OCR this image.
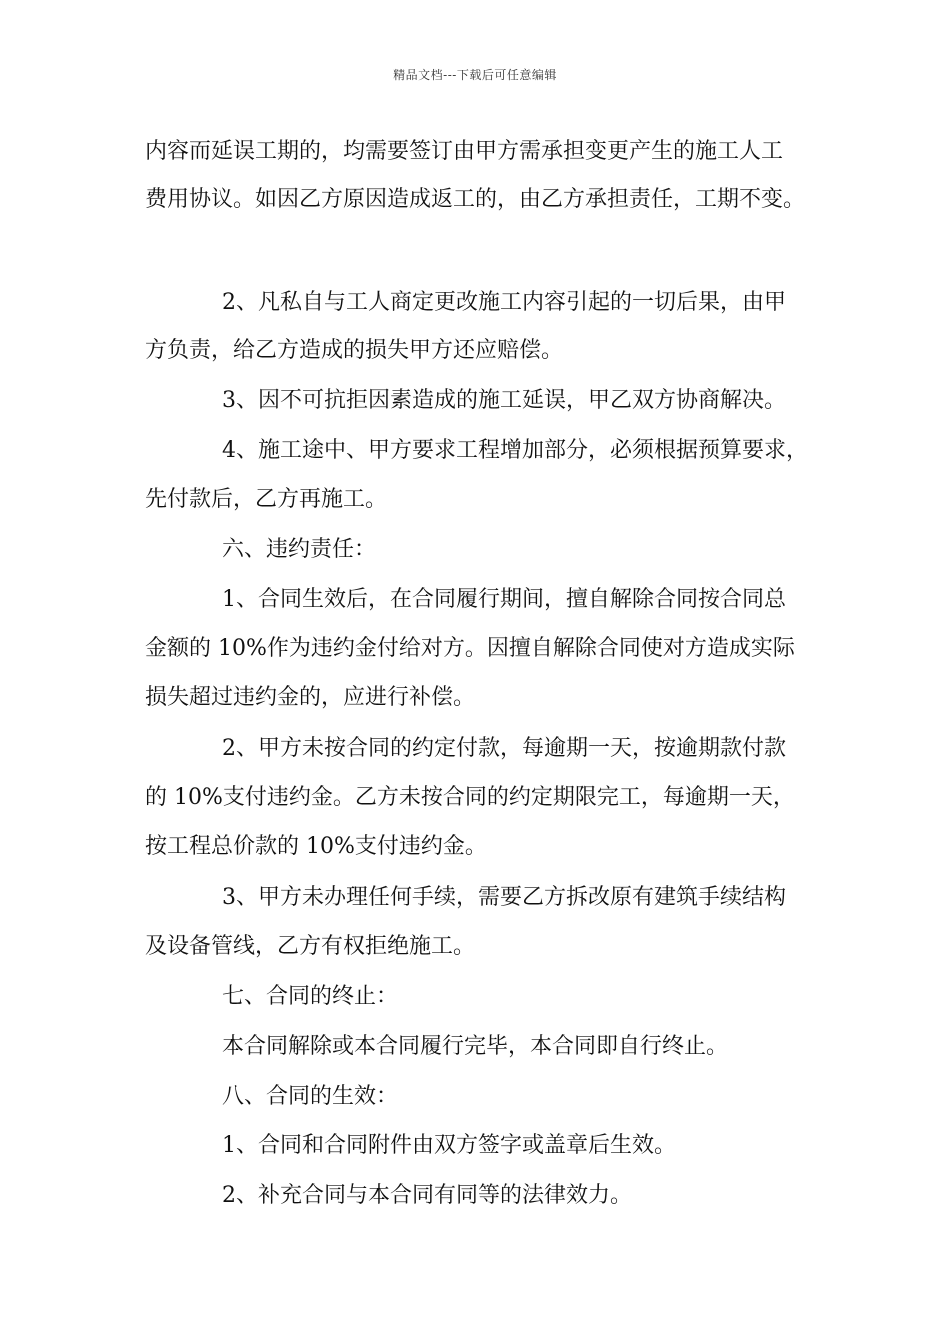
精品文档---下载后可任意编辑
内容而延误工期的，均需要签订由甲方需承担变更产生的施工人工
费用协议。如因乙方原因造成返工的，由乙方承担责任，工期不变。
2、凡私自与工人商定更改施工内容引起的一切后果，由甲
方负责，给乙方造成的损失甲方还应赔偿。
3、因不可抗拒因素造成的施工延误，甲乙双方协商解决。
4、施工途中、甲方要求工程增加部分，必须根据预算要求，
先付款后，乙方再施工。
六、违约责任：
1、合同生效后，在合同履行期间，擅自解除合同按合同总
金额的 10%作为违约金付给对方。因擅自解除合同使对方造成实际
损失超过违约金的，应进行补偿。
2、甲方未按合同的约定付款，每逾期一天，按逾期款付款
的 10%支付违约金。乙方未按合同的约定期限完工，每逾期一天，
按工程总价款的 10%支付违约金。
3、甲方未办理任何手续，需要乙方拆改原有建筑手续结构
及设备管线，乙方有权拒绝施工。
七、合同的终止：
本合同解除或本合同履行完毕，本合同即自行终止。
八、合同的生效：
1、合同和合同附件由双方签字或盖章后生效。
2、补充合同与本合同有同等的法律效力。
